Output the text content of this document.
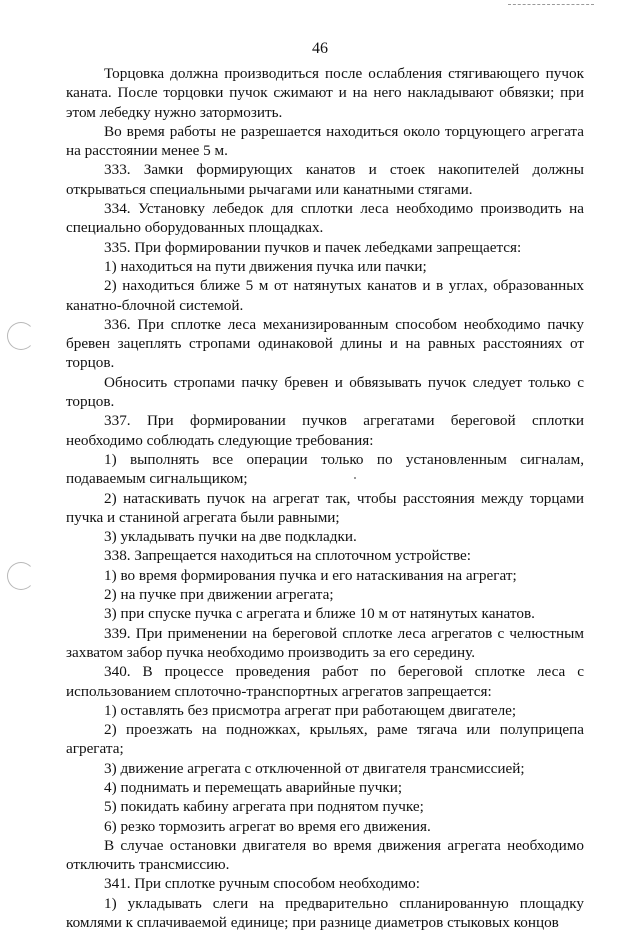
46

Торцовка должна производиться после ослабления стягивающего пучок каната. После торцовки пучок сжимают и на него накладывают обвязки; при этом лебедку нужно затормозить.

Во время работы не разрешается находиться около торцующего агрегата на расстоянии менее 5 м.

333. Замки формирующих канатов и стоек накопителей должны открываться специальными рычагами или канатными стягами.

334. Установку лебедок для сплотки леса необходимо производить на специально оборудованных площадках.

335. При формировании пучков и пачек лебедками запрещается:

1) находиться на пути движения пучка или пачки;

2) находиться ближе 5 м от натянутых канатов и в углах, образованных канатно-блочной системой.

336. При сплотке леса механизированным способом необходимо пачку бревен зацеплять стропами одинаковой длины и на равных расстояниях от торцов.

Обносить стропами пачку бревен и обвязывать пучок следует только с торцов.

337. При формировании пучков агрегатами береговой сплотки необходимо соблюдать следующие требования:

1) выполнять все операции только по установленным сигналам, подаваемым сигнальщиком;

2) натаскивать пучок на агрегат так, чтобы расстояния между торцами пучка и станиной агрегата были равными;

3) укладывать пучки на две подкладки.

338. Запрещается находиться на сплоточном устройстве:

1) во время формирования пучка и его натаскивания на агрегат;

2) на пучке при движении агрегата;

3) при спуске пучка с агрегата и ближе 10 м от натянутых канатов.

339. При применении на береговой сплотке леса агрегатов с челюстным захватом забор пучка необходимо производить за его середину.

340. В процессе проведения работ по береговой сплотке леса с использованием сплоточно-транспортных агрегатов запрещается:

1) оставлять без присмотра агрегат при работающем двигателе;

2) проезжать на подножках, крыльях, раме тягача или полуприцепа агрегата;

3) движение агрегата с отключенной от двигателя трансмиссией;

4) поднимать и перемещать аварийные пучки;

5) покидать кабину агрегата при поднятом пучке;

6) резко тормозить агрегат во время его движения.

В случае остановки двигателя во время движения агрегата необходимо отключить трансмиссию.

341. При сплотке ручным способом необходимо:

1) укладывать слеги на предварительно спланированную площадку комлями к сплачиваемой единице; при разнице диаметров стыковых концов
